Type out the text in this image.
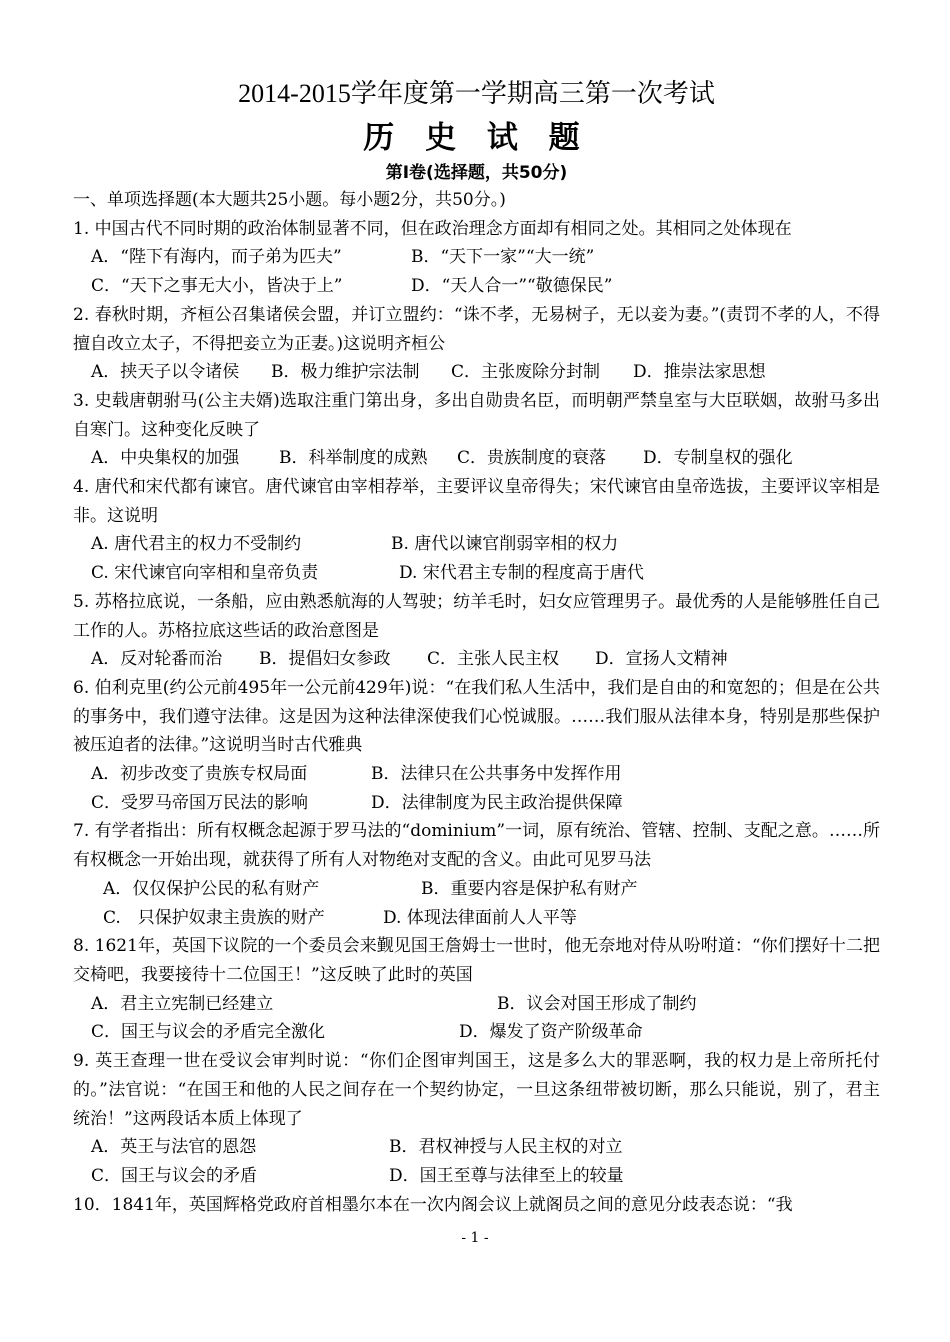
2014-2015学年度第一学期高三第一次考试
历 史 试 题
第I卷(选择题，共50分)
一、单项选择题(本大题共25小题。每小题2分，共50分。)
1. 中国古代不同时期的政治体制显著不同，但在政治理念方面却有相同之处。其相同之处体现在
A．“陛下有海内，而子弟为匹夫”	B．“天下一家”“大一统”
C．“天下之事无大小，皆决于上”	D．“天人合一”“敬德保民”
2. 春秋时期，齐桓公召集诸侯会盟，并订立盟约：“诛不孝，无易树子，无以妾为妻。”(责罚不孝的人，不得擅自改立太子，不得把妾立为正妻。)这说明齐桓公
A．挟天子以令诸侯 B．极力维护宗法制 C．主张废除分封制 D．推崇法家思想
3. 史载唐朝驸马(公主夫婿)选取注重门第出身，多出自勋贵名臣，而明朝严禁皇室与大臣联姻，故驸马多出自寒门。这种变化反映了
A．中央集权的加强 B．科举制度的成熟 C．贵族制度的衰落 D．专制皇权的强化
4. 唐代和宋代都有谏官。唐代谏官由宰相荐举，主要评议皇帝得失；宋代谏官由皇帝选拔，主要评议宰相是非。这说明
A. 唐代君主的权力不受制约	B. 唐代以谏官削弱宰相的权力
C. 宋代谏官向宰相和皇帝负责	D. 宋代君主专制的程度高于唐代
5. 苏格拉底说，一条船，应由熟悉航海的人驾驶；纺羊毛时，妇女应管理男子。最优秀的人是能够胜任自己工作的人。苏格拉底这些话的政治意图是
A．反对轮番而治 B．提倡妇女参政 C．主张人民主权 D．宣扬人文精神
6. 伯利克里(约公元前495年一公元前429年)说：“在我们私人生活中，我们是自由的和宽恕的；但是在公共的事务中，我们遵守法律。这是因为这种法律深使我们心悦诚服。……我们服从法律本身，特别是那些保护被压迫者的法律。”这说明当时古代雅典
A．初步改变了贵族专权局面	B．法律只在公共事务中发挥作用
C．受罗马帝国万民法的影响	D．法律制度为民主政治提供保障
7. 有学者指出：所有权概念起源于罗马法的“dominium”一词，原有统治、管辖、控制、支配之意。……所有权概念一开始出现，就获得了所有人对物绝对支配的含义。由此可见罗马法
A．仅仅保护公民的私有财产	B．重要内容是保护私有财产
C.　只保护奴隶主贵族的财产	D. 体现法律面前人人平等
8. 1621年，英国下议院的一个委员会来觐见国王詹姆士一世时，他无奈地对侍从吩咐道：“你们摆好十二把交椅吧，我要接待十二位国王！”这反映了此时的英国
A．君主立宪制已经建立	B．议会对国王形成了制约
C．国王与议会的矛盾完全激化	D．爆发了资产阶级革命
9. 英王查理一世在受议会审判时说：“你们企图审判国王，这是多么大的罪恶啊，我的权力是上帝所托付的。”法官说：“在国王和他的人民之间存在一个契约协定，一旦这条纽带被切断，那么只能说，别了，君主统治！”这两段话本质上体现了
A．英王与法官的恩怨	B．君权神授与人民主权的对立
C．国王与议会的矛盾	D．国王至尊与法律至上的较量
10．1841年，英国辉格党政府首相墨尔本在一次内阁会议上就阁员之间的意见分歧表态说：“我
- 1 -
